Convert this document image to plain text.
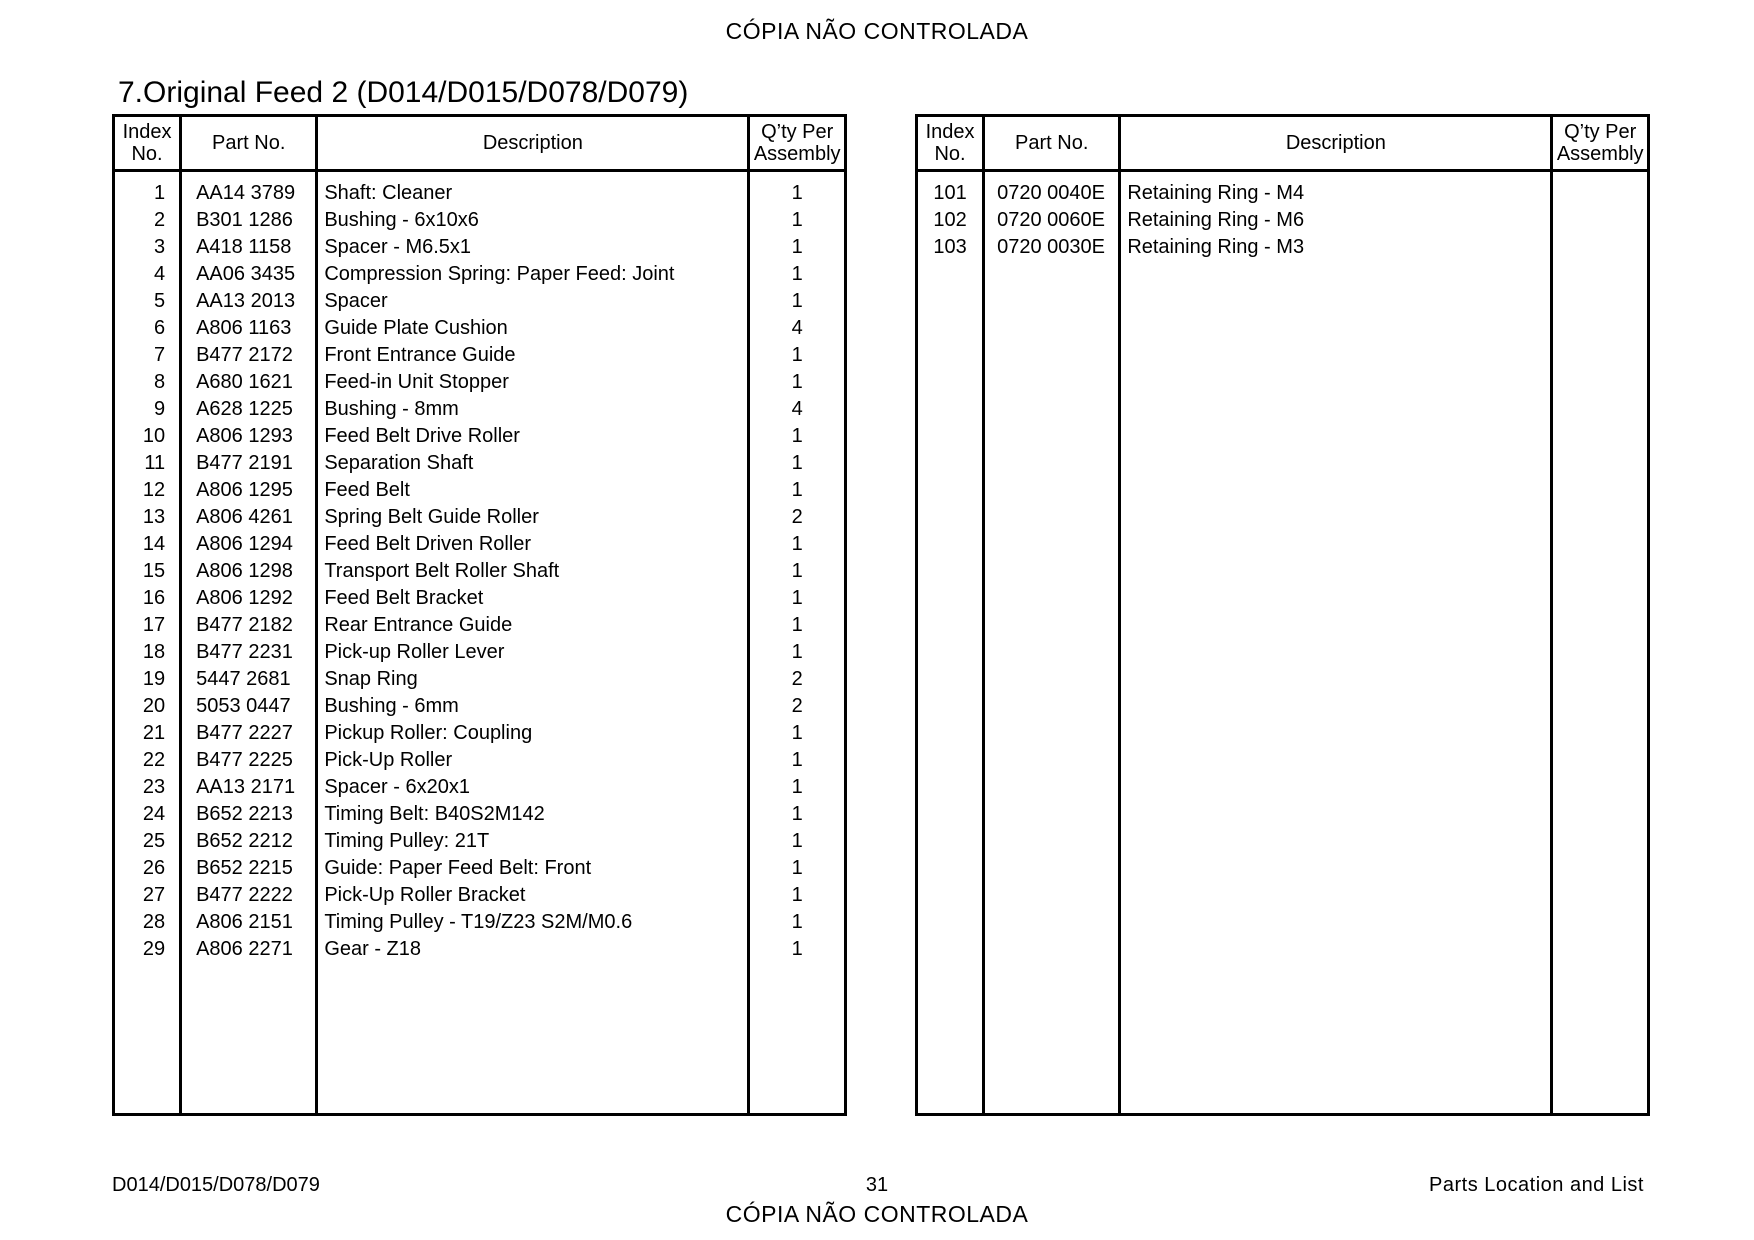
CÓPIA NÃO CONTROLADA
7.Original Feed 2 (D014/D015/D078/D079)
Index
No.	Part No.	Description	Q’ty Per
Assembly

1	AA14 3789	Shaft: Cleaner	1
2	B301 1286	Bushing - 6x10x6	1
3	A418 1158	Spacer - M6.5x1	1
4	AA06 3435	Compression Spring: Paper Feed: Joint	1
5	AA13 2013	Spacer	1
6	A806 1163	Guide Plate Cushion	4
7	B477 2172	Front Entrance Guide	1
8	A680 1621	Feed-in Unit Stopper	1
9	A628 1225	Bushing - 8mm	4
10	A806 1293	Feed Belt Drive Roller	1
11	B477 2191	Separation Shaft	1
12	A806 1295	Feed Belt	1
13	A806 4261	Spring Belt Guide Roller	2
14	A806 1294	Feed Belt Driven Roller	1
15	A806 1298	Transport Belt Roller Shaft	1
16	A806 1292	Feed Belt Bracket	1
17	B477 2182	Rear Entrance Guide	1
18	B477 2231	Pick-up Roller Lever	1
19	5447 2681	Snap Ring	2
20	5053 0447	Bushing - 6mm	2
21	B477 2227	Pickup Roller: Coupling	1
22	B477 2225	Pick-Up Roller	1
23	AA13 2171	Spacer - 6x20x1	1
24	B652 2213	Timing Belt: B40S2M142	1
25	B652 2212	Timing Pulley: 21T	1
26	B652 2215	Guide: Paper Feed Belt: Front	1
27	B477 2222	Pick-Up Roller Bracket	1
28	A806 2151	Timing Pulley - T19/Z23 S2M/M0.6	1
29	A806 2271	Gear - Z18	1

Index
No.	Part No.	Description	Q’ty Per
Assembly

101	0720 0040E	Retaining Ring - M4	
102	0720 0060E	Retaining Ring - M6	
103	0720 0030E	Retaining Ring - M3	

D014/D015/D078/D079	31	Parts Location and List
CÓPIA NÃO CONTROLADA
